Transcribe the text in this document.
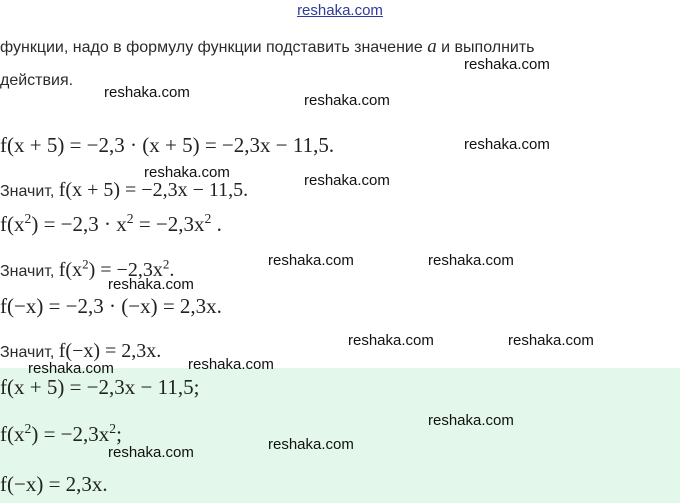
reshaka.com
функции, надо в формулу функции подставить значение a и выполнить
действия.
f(x + 5) = −2,3 · (x + 5) = −2,3x − 11,5.
Значит, f(x + 5) = −2,3x − 11,5.
$f(x^2) = -2,3 \cdot x^2 = -2,3x^2$ .
Значит, $f(x^2) = -2,3x^2$.
f(−x) = −2,3 · (−x) = 2,3x.
Значит, f(−x) = 2,3x.
f(x + 5) = −2,3x − 11,5;
$f(x^2) = -2,3x^2$;
f(−x) = 2,3x.
reshaka.com
reshaka.com	reshaka.com
reshaka.com
reshaka.com	reshaka.com
reshaka.com	reshaka.com
reshaka.com
reshaka.com	reshaka.com
reshaka.com
reshaka.com
reshaka.com
reshaka.com
reshaka.com
